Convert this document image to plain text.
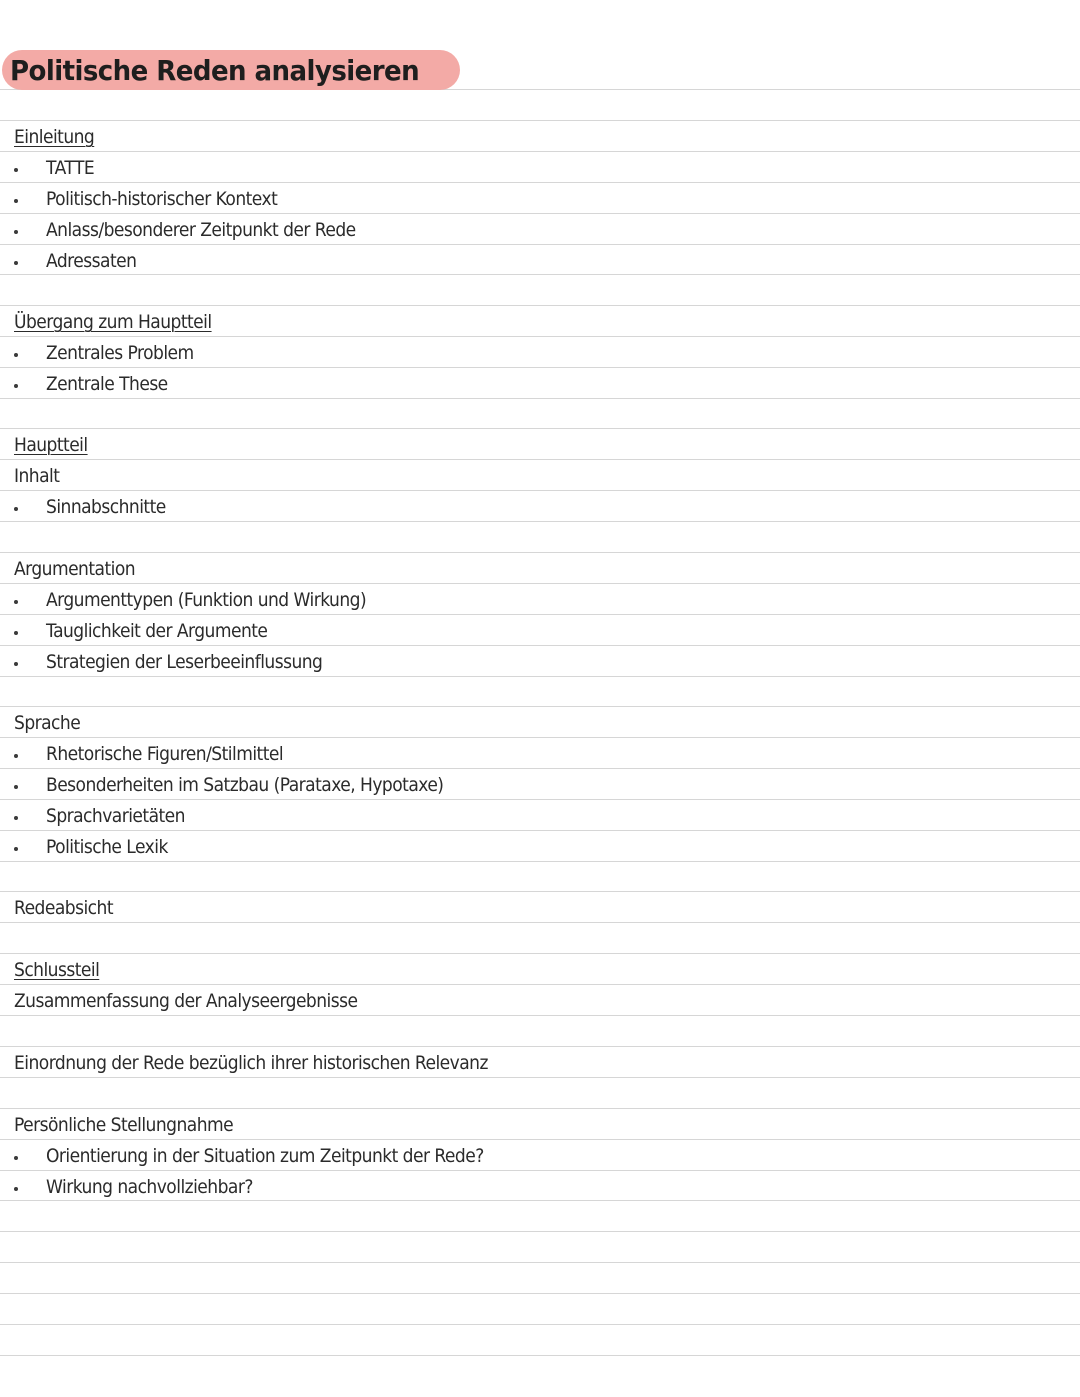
Politische Reden analysieren
Einleitung
TATTE
Politisch-historischer Kontext
Anlass/besonderer Zeitpunkt der Rede
Adressaten
Übergang zum Hauptteil
Zentrales Problem
Zentrale These
Hauptteil
Inhalt
Sinnabschnitte
Argumentation
Argumenttypen (Funktion und Wirkung)
Tauglichkeit der Argumente
Strategien der Leserbeeinflussung
Sprache
Rhetorische Figuren/Stilmittel
Besonderheiten im Satzbau (Parataxe, Hypotaxe)
Sprachvarietäten
Politische Lexik
Redeabsicht
Schlussteil
Zusammenfassung der Analyseergebnisse
Einordnung der Rede bezüglich ihrer historischen Relevanz
Persönliche Stellungnahme
Orientierung in der Situation zum Zeitpunkt der Rede?
Wirkung nachvollziehbar?
